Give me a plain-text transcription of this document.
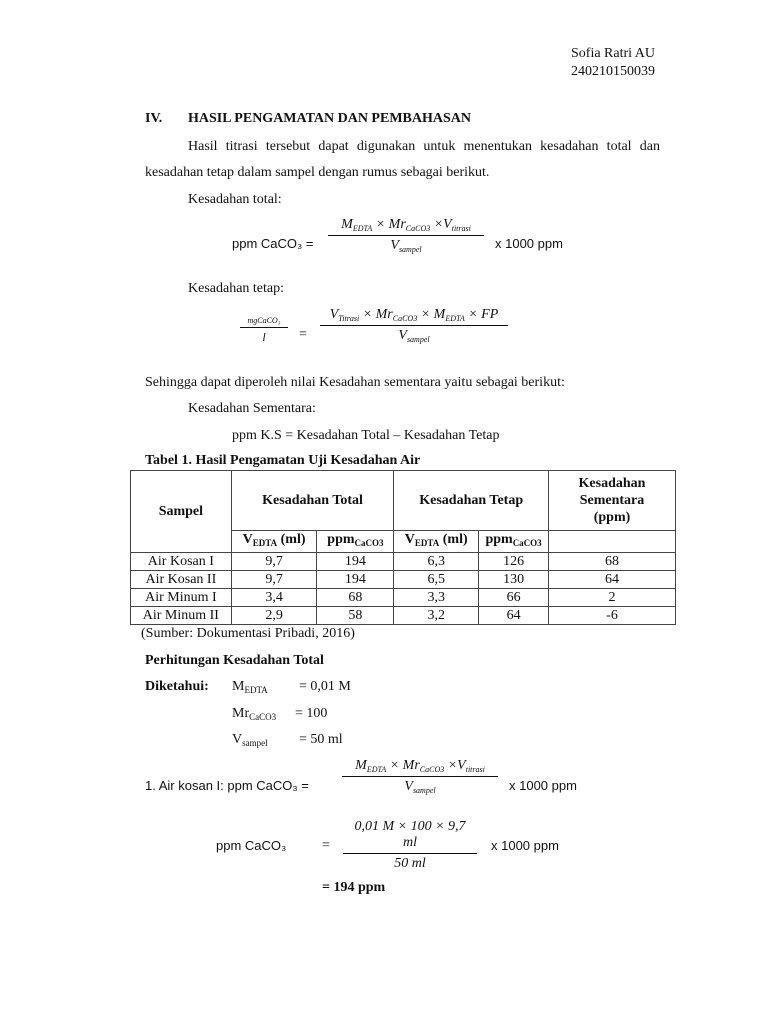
Sofia Ratri AU
240210150039
IV. HASIL PENGAMATAN DAN PEMBAHASAN
Hasil titrasi tersebut dapat digunakan untuk menentukan kesadahan total dan
kesadahan tetap dalam sampel dengan rumus sebagai berikut.
Kesadahan total:
ppm CaCO₃ =
$M_{EDTA} \times Mr_{CaCO3} \times V_{titrasi}$
$V_{sampel}$	x 1000 ppm
Kesadahan tetap:
mgCaCO₃
l	=
$V_{Titrasi} \times Mr_{CaCO3} \times M_{EDTA}$ × FP
$V_{sampel}$
Sehingga dapat diperoleh nilai Kesadahan sementara yaitu sebagai berikut:
Kesadahan Sementara:
ppm K.S = Kesadahan Total – Kesadahan Tetap
Tabel 1. Hasil Pengamatan Uji Kesadahan Air
Sampel	Kesadahan Total		Kesadahan Tetap		Kesadahan Sementara (ppm)
	$V_{EDTA}$ (ml)	ppm$_{CaCO3}$	$V_{EDTA}$ (ml)	ppm$_{CaCO3}$	
Air Kosan I	9,7	194	6,3	126	68
Air Kosan II	9,7	194	6,5	130	64
Air Minum I	3,4	68	3,3	66	2
Air Minum II	2,9	58	3,2	64	-6
(Sumber: Dokumentasi Pribadi, 2016)
Perhitungan Kesadahan Total
Diketahui: $M_{EDTA} = 0,01$ M
$Mr_{CaCO3} = 100$
$V_{sampel} = 50$ ml
1. Air kosan I: ppm CaCO₃ =
$M_{EDTA} \times Mr_{CaCO3} \times V_{titrasi}$
$V_{sampel}$	x 1000 ppm
ppm CaCO₃	= $\frac{0,01 M \times 100 \times 9,7 ml}{50 ml}$ x 1000 ppm
= 194 ppm
